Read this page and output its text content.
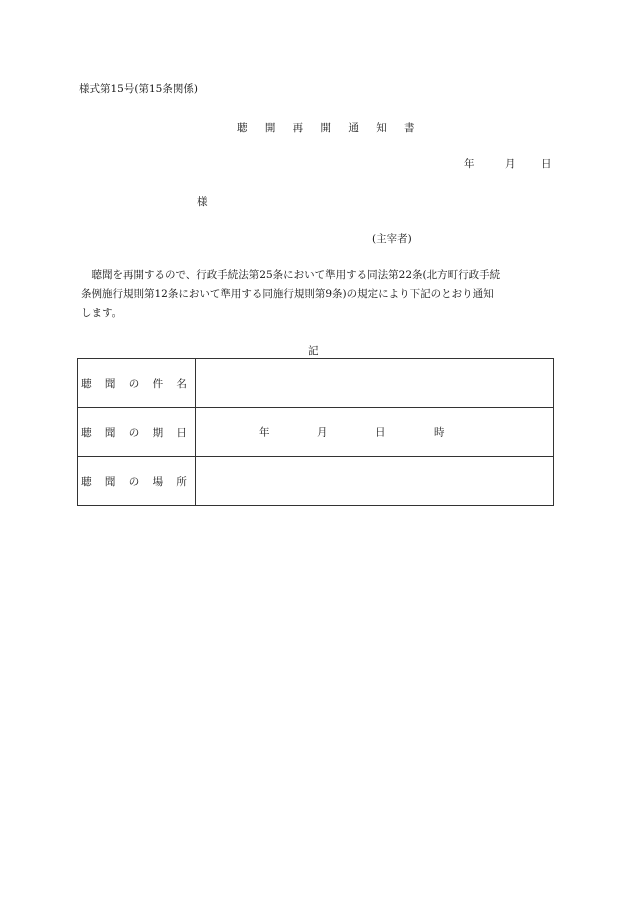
様式第15号(第15条関係)
聴 開 再 開 通 知 書
年	月	日
様
(主宰者)
　聴聞を再開するので、行政手続法第25条において準用する同法第22条(北方町行政手続
条例施行規則第12条において準用する同施行規則第9条)の規定により下記のとおり通知
します。
記
聴 聞 の 件 名	
聴 聞 の 期 日	年 月 日 時

聴 聞 の 場 所	
